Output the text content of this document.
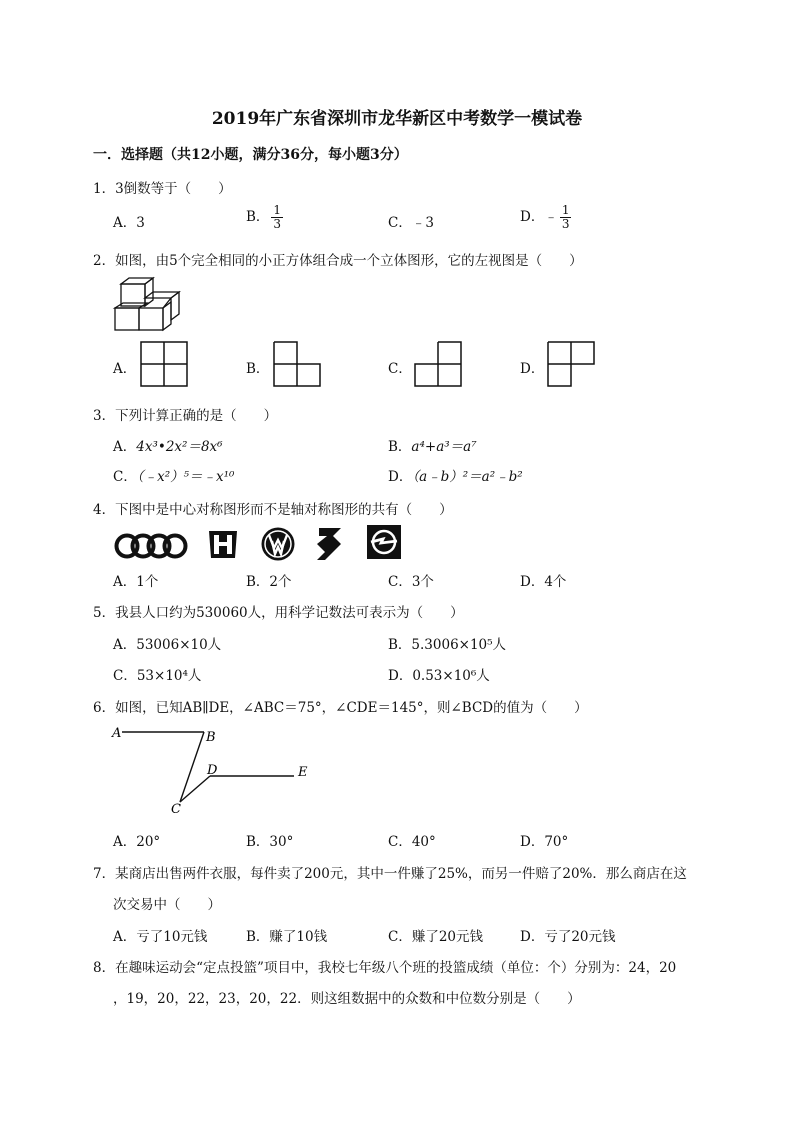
2019年广东省深圳市龙华新区中考数学一模试卷
一．选择题（共12小题，满分36分，每小题3分）
1．3倒数等于（　　）
A．3	B． $\frac{1}{3}$	C．﹣3	D．﹣ $\frac{1}{3}$
2．如图，由5个完全相同的小正方体组合成一个立体图形，它的左视图是（　　）
A．	B．	C．	D．
3．下列计算正确的是（　　）
A．4x³•2x²＝8x⁶	B．a⁴+a³＝a⁷
C．（﹣x²）⁵＝﹣x¹⁰	D．（a﹣b）²＝a²﹣b²
4．下图中是中心对称图形而不是轴对称图形的共有（　　）
A．1个	B．2个	C．3个	D．4个
5．我县人口约为530060人，用科学记数法可表示为（　　）
A．53006×10人	B．5.3006×10⁵人
C．53×10⁴人	D．0.53×10⁶人
6．如图，已知AB∥DE，∠ABC＝75°，∠CDE＝145°，则∠BCD的值为（　　）
A	B
D	E
C
A．20°	B．30°	C．40°	D．70°
7．某商店出售两件衣服，每件卖了200元，其中一件赚了25%，而另一件赔了20%．那么商店在这
次交易中（　　）
A．亏了10元钱	B．赚了10钱	C．赚了20元钱	D．亏了20元钱
8．在趣味运动会“定点投篮”项目中，我校七年级八个班的投篮成绩（单位：个）分别为：24，20
，19，20，22，23，20，22．则这组数据中的众数和中位数分别是（　　）
